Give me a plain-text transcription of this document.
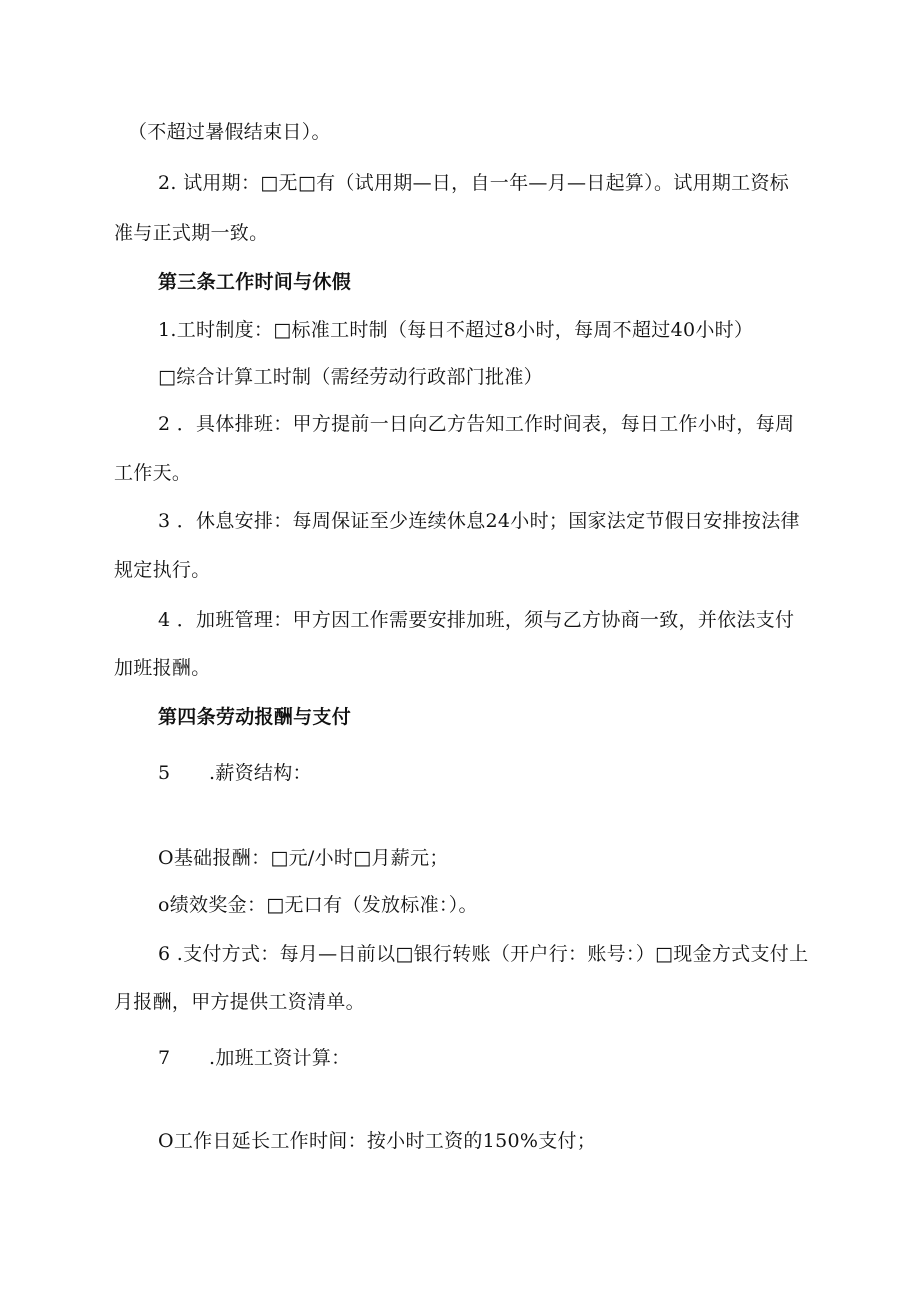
（不超过暑假结束日）。
2. 试用期：□无□有（试用期—日，自一年—月—日起算）。试用期工资标
准与正式期一致。
第三条工作时间与休假
1.工时制度：□标准工时制（每日不超过8小时，每周不超过40小时）
□综合计算工时制（需经劳动行政部门批准）
2 ．具体排班：甲方提前一日向乙方告知工作时间表，每日工作小时，每周
工作天。
3 ．休息安排：每周保证至少连续休息24小时；国家法定节假日安排按法律
规定执行。
4 ．加班管理：甲方因工作需要安排加班，须与乙方协商一致，并依法支付
加班报酬。
第四条劳动报酬与支付
5　　.薪资结构：
O基础报酬：□元/小时□月薪元；
o绩效奖金：□无口有（发放标准：）。
6 .支付方式：每月—日前以□银行转账（开户行：账号：）□现金方式支付上
月报酬，甲方提供工资清单。
7　　.加班工资计算：
O工作日延长工作时间：按小时工资的150%支付；
